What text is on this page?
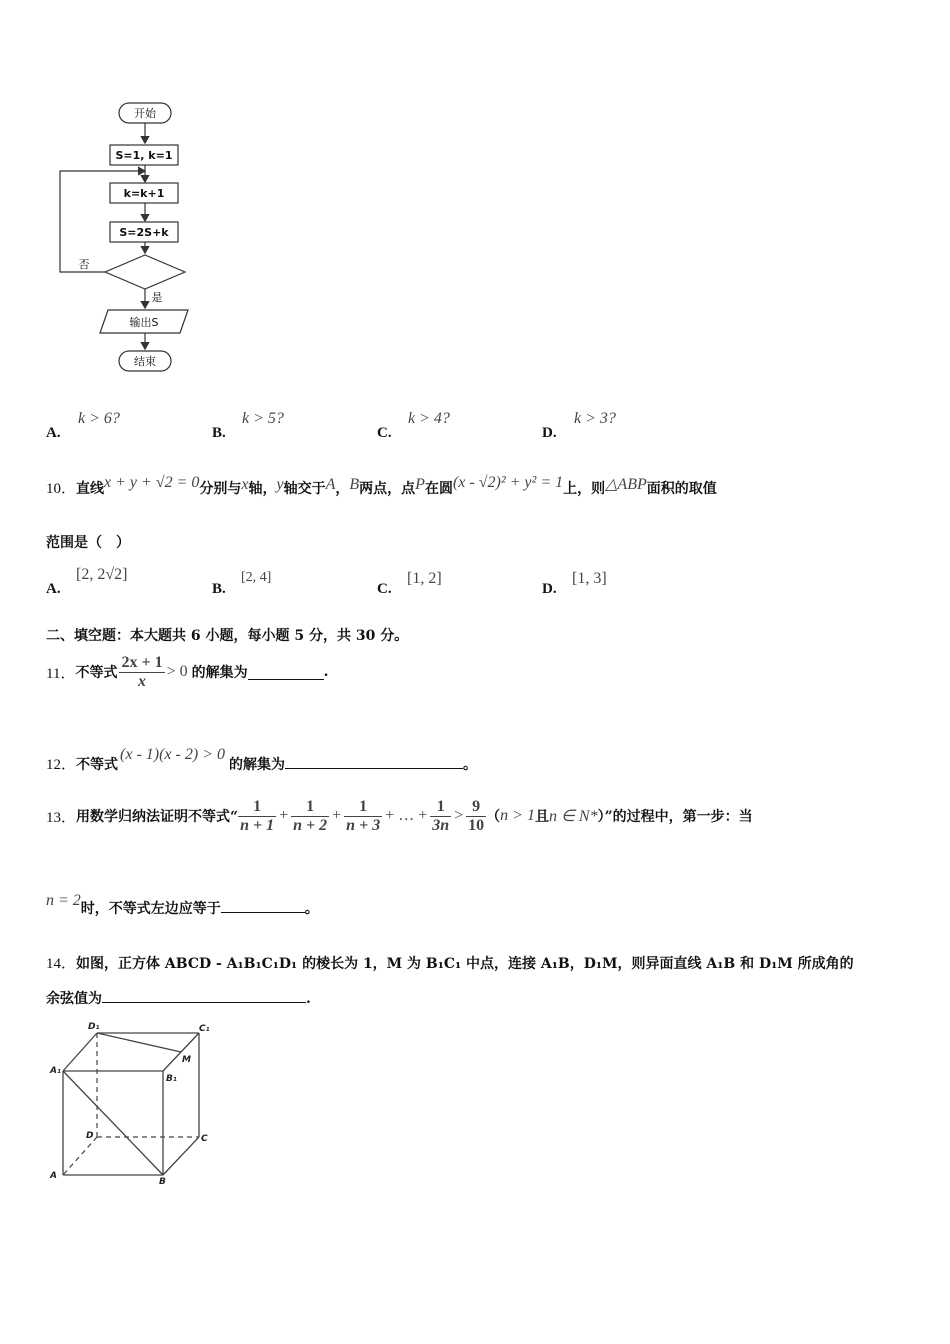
开始
S=1, k=1
k=k+1
S=2S+k
否
是
输出S
结束
A.
k > 6?
B.
k > 5?
C.
k > 4?
D.
k > 3?
10．直线x + y + √2 = 0分别与x轴，y轴交于A，B两点，点P在圆(x - √2)² + y² = 1上，则△ABP面积的取值
范围是（　）
A.
[2, 2√2]
B.
[2, 4]
C.
[1, 2]
D.
[1, 3]
二、填空题：本大题共 6 小题，每小题 5 分，共 30 分。
11． 不等式 $\frac{2x + 1}{x} > 0$ 的解集为	.
12．不等式(x - 1)(x - 2) > 0的解集为	。
13． 用数学归纳法证明不等式“ $\frac{1}{n + 1} + \frac{1}{n + 2} + \frac{1}{n + 3}$ + … + $\frac{1}{3n} > \frac{9}{10}$ （ n > 1 且 n ∈ N* ）”的过程中，第一步：当
n = 2时，不等式左边应等于	。
14．如图，正方体 ABCD - A₁B₁C₁D₁ 的棱长为 1，M 为 B₁C₁ 中点，连接 A₁B，D₁M，则异面直线 A₁B 和 D₁M 所成角的
余弦值为	.
D₁	C₁
M
A₁
B₁
D	C
A
B
